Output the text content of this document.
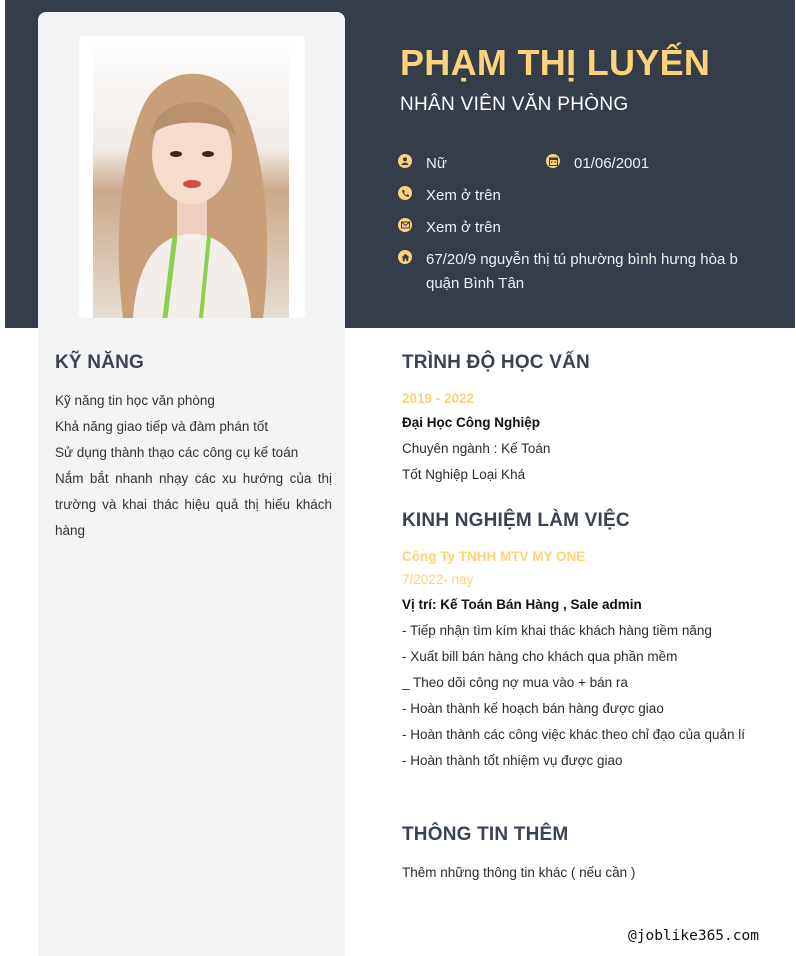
PHẠM THỊ LUYẾN
NHÂN VIÊN VĂN PHÒNG
Nữ	01/06/2001
Xem ở trên
Xem ở trên
67/20/9 nguyễn thị tú phường bình hưng hòa b
quận Bình Tân
KỸ NĂNG
Kỹ năng tin học văn phòng
Khả năng giao tiếp và đàm phán tốt
Sử dụng thành thạo các công cụ kế toán
Nắm bắt nhanh nhạy các xu hướng của thị trường và khai thác hiệu quả thị hiếu khách hàng
TRÌNH ĐỘ HỌC VẤN
2019 - 2022
Đại Học Công Nghiệp
Chuyên ngành : Kế Toán
Tốt Nghiệp Loại Khá
KINH NGHIỆM LÀM VIỆC
Công Ty TNHH MTV MY ONE
7/2022- nay
Vị trí: Kế Toán Bán Hàng , Sale admin
- Tiếp nhận tìm kím khai thác khách hàng tiềm năng
- Xuất bill bán hàng cho khách qua phần mềm
_ Theo dõi công nợ mua vào + bán ra
- Hoàn thành kế hoạch bán hàng được giao
- Hoàn thành các công việc khác theo chỉ đạo của quản lí
- Hoàn thành tốt nhiệm vụ được giao
THÔNG TIN THÊM
Thêm những thông tin khác ( nếu cần )
@joblike365.com
